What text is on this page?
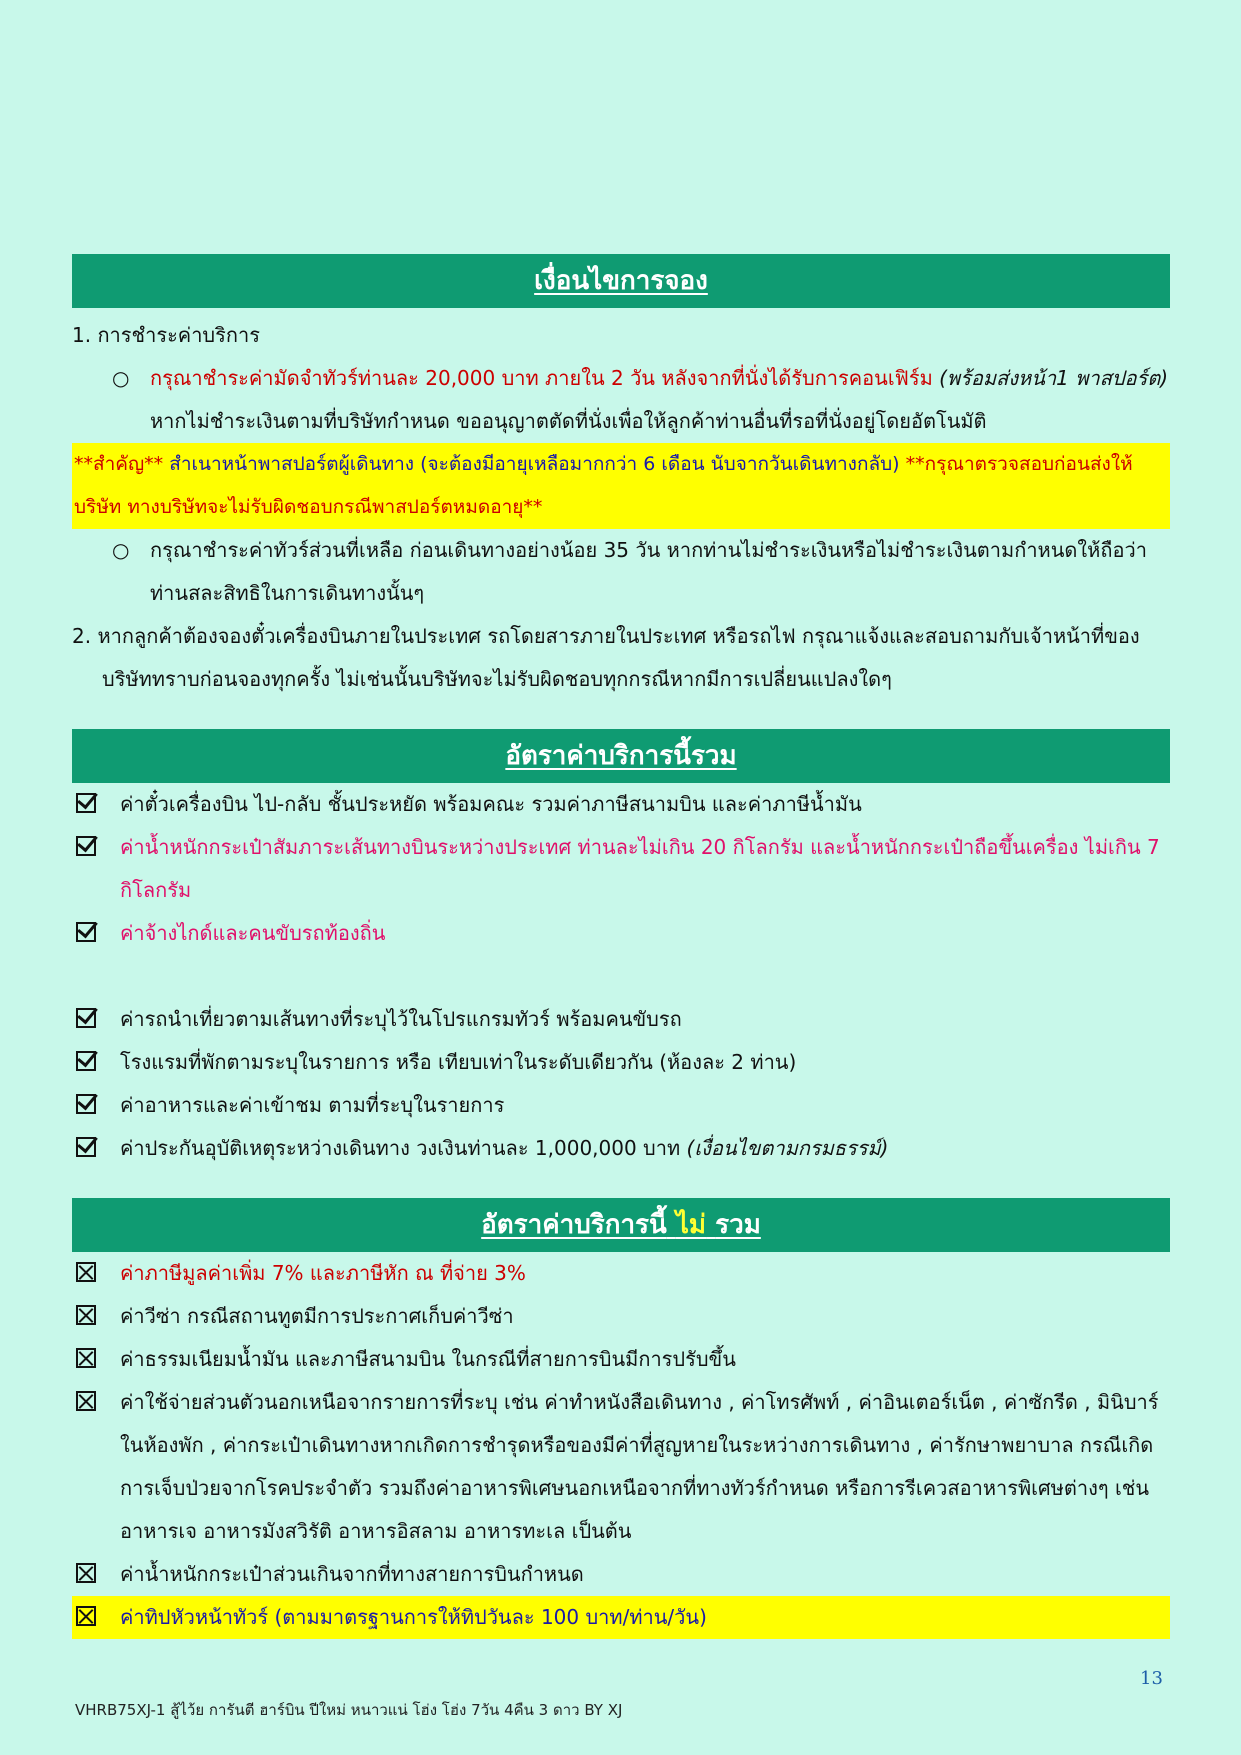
เงื่อนไขการจอง
1. การชำระค่าบริการ
○ กรุณาชำระค่ามัดจำทัวร์ท่านละ 20,000 บาท ภายใน 2 วัน หลังจากที่นั่งได้รับการคอนเฟิร์ม (พร้อมส่งหน้า1 พาสปอร์ต) หากไม่ชำระเงินตามที่บริษัทกำหนด ขออนุญาตตัดที่นั่งเพื่อให้ลูกค้าท่านอื่นที่รอที่นั่งอยู่โดยอัตโนมัติ
**สำคัญ** สำเนาหน้าพาสปอร์ตผู้เดินทาง (จะต้องมีอายุเหลือมากกว่า 6 เดือน นับจากวันเดินทางกลับ) **กรุณาตรวจสอบก่อนส่งให้บริษัท ทางบริษัทจะไม่รับผิดชอบกรณีพาสปอร์ตหมดอายุ**
○ กรุณาชำระค่าทัวร์ส่วนที่เหลือ ก่อนเดินทางอย่างน้อย 35 วัน หากท่านไม่ชำระเงินหรือไม่ชำระเงินตามกำหนดให้ถือว่าท่านสละสิทธิในการเดินทางนั้นๆ
2. หากลูกค้าต้องจองตั๋วเครื่องบินภายในประเทศ รถโดยสารภายในประเทศ หรือรถไฟ กรุณาแจ้งและสอบถามกับเจ้าหน้าที่ของบริษัททราบก่อนจองทุกครั้ง ไม่เช่นนั้นบริษัทจะไม่รับผิดชอบทุกกรณีหากมีการเปลี่ยนแปลงใดๆ
อัตราค่าบริการนี้รวม
ค่าตั๋วเครื่องบิน ไป-กลับ ชั้นประหยัด พร้อมคณะ รวมค่าภาษีสนามบิน และค่าภาษีน้ำมัน
ค่าน้ำหนักกระเป๋าสัมภาระเส้นทางบินระหว่างประเทศ ท่านละไม่เกิน 20 กิโลกรัม และน้ำหนักกระเป๋าถือขึ้นเครื่อง ไม่เกิน 7 กิโลกรัม
ค่าจ้างไกด์และคนขับรถท้องถิ่น
ค่ารถนำเที่ยวตามเส้นทางที่ระบุไว้ในโปรแกรมทัวร์ พร้อมคนขับรถ
โรงแรมที่พักตามระบุในรายการ หรือ เทียบเท่าในระดับเดียวกัน (ห้องละ 2 ท่าน)
ค่าอาหารและค่าเข้าชม ตามที่ระบุในรายการ
ค่าประกันอุบัติเหตุระหว่างเดินทาง วงเงินท่านละ 1,000,000 บาท (เงื่อนไขตามกรมธรรม์)
อัตราค่าบริการนี้ ไม่ รวม
ค่าภาษีมูลค่าเพิ่ม 7% และภาษีหัก ณ ที่จ่าย 3%
ค่าวีซ่า กรณีสถานทูตมีการประกาศเก็บค่าวีซ่า
ค่าธรรมเนียมน้ำมัน และภาษีสนามบิน ในกรณีที่สายการบินมีการปรับขึ้น
ค่าใช้จ่ายส่วนตัวนอกเหนือจากรายการที่ระบุ เช่น ค่าทำหนังสือเดินทาง , ค่าโทรศัพท์ , ค่าอินเตอร์เน็ต , ค่าซักรีด , มินิบาร์ในห้องพัก , ค่ากระเป๋าเดินทางหากเกิดการชำรุดหรือของมีค่าที่สูญหายในระหว่างการเดินทาง , ค่ารักษาพยาบาล กรณีเกิดการเจ็บป่วยจากโรคประจำตัว รวมถึงค่าอาหารพิเศษนอกเหนือจากที่ทางทัวร์กำหนด หรือการรีเควสอาหารพิเศษต่างๆ เช่น อาหารเจ อาหารมังสวิรัติ อาหารอิสลาม อาหารทะเล เป็นต้น
ค่าน้ำหนักกระเป๋าส่วนเกินจากที่ทางสายการบินกำหนด
ค่าทิปหัวหน้าทัวร์ (ตามมาตรฐานการให้ทิปวันละ 100 บาท/ท่าน/วัน)
13
VHRB75XJ-1 สู้ไว้ย การันตี ฮาร์บิน ปีใหม่ หนาวแน่ โฮ่ง โฮ่ง 7วัน 4คืน 3 ดาว BY XJ
